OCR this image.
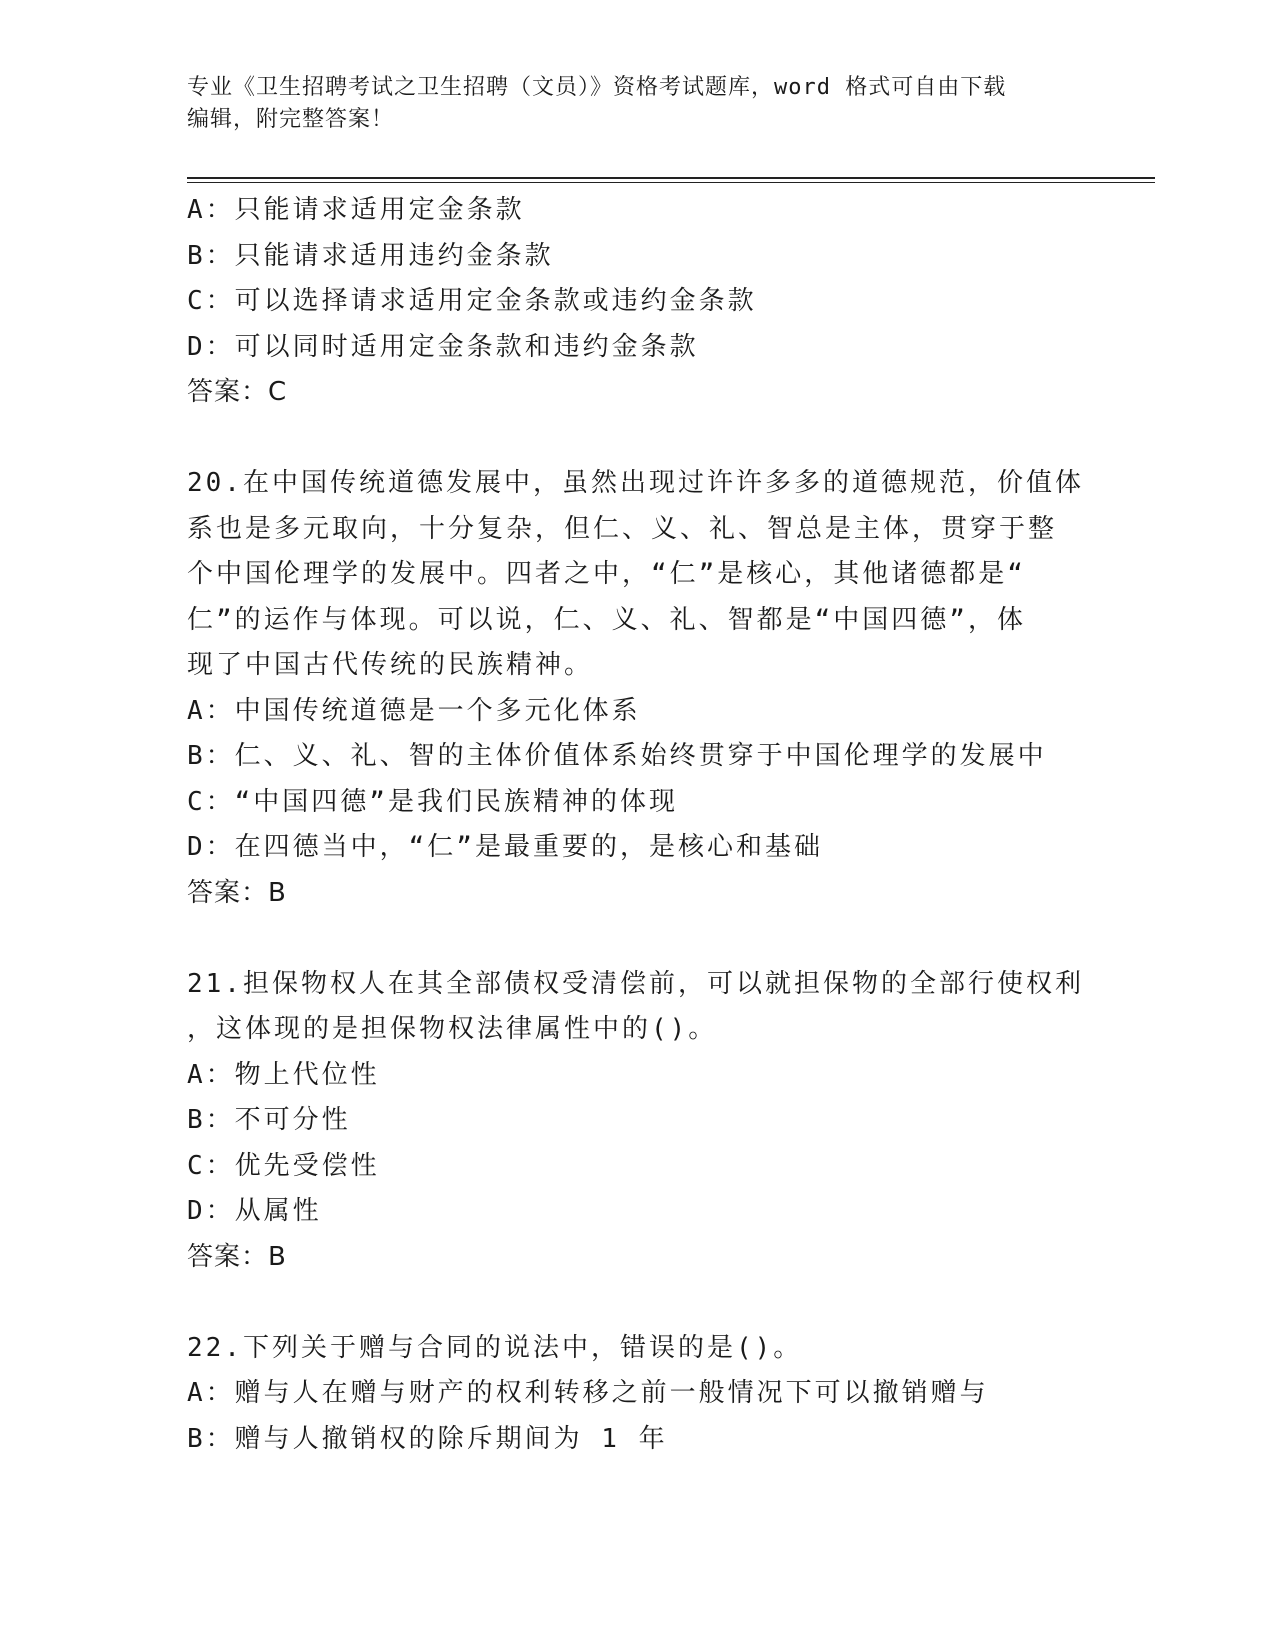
专业《卫生招聘考试之卫生招聘（文员）》资格考试题库，word 格式可自由下载
编辑，附完整答案！
A：只能请求适用定金条款
B：只能请求适用违约金条款
C：可以选择请求适用定金条款或违约金条款
D：可以同时适用定金条款和违约金条款
答案：C
20.在中国传统道德发展中，虽然出现过许许多多的道德规范，价值体
系也是多元取向，十分复杂，但仁、义、礼、智总是主体，贯穿于整
个中国伦理学的发展中。四者之中，“仁”是核心，其他诸德都是“
仁”的运作与体现。可以说，仁、义、礼、智都是“中国四德”，体
现了中国古代传统的民族精神。
A：中国传统道德是一个多元化体系
B：仁、义、礼、智的主体价值体系始终贯穿于中国伦理学的发展中
C：“中国四德”是我们民族精神的体现
D：在四德当中，“仁”是最重要的，是核心和基础
答案：B
21.担保物权人在其全部债权受清偿前，可以就担保物的全部行使权利
，这体现的是担保物权法律属性中的()。
A：物上代位性
B：不可分性
C：优先受偿性
D：从属性
答案：B
22.下列关于赠与合同的说法中，错误的是()。
A：赠与人在赠与财产的权利转移之前一般情况下可以撤销赠与
B：赠与人撤销权的除斥期间为 1 年
